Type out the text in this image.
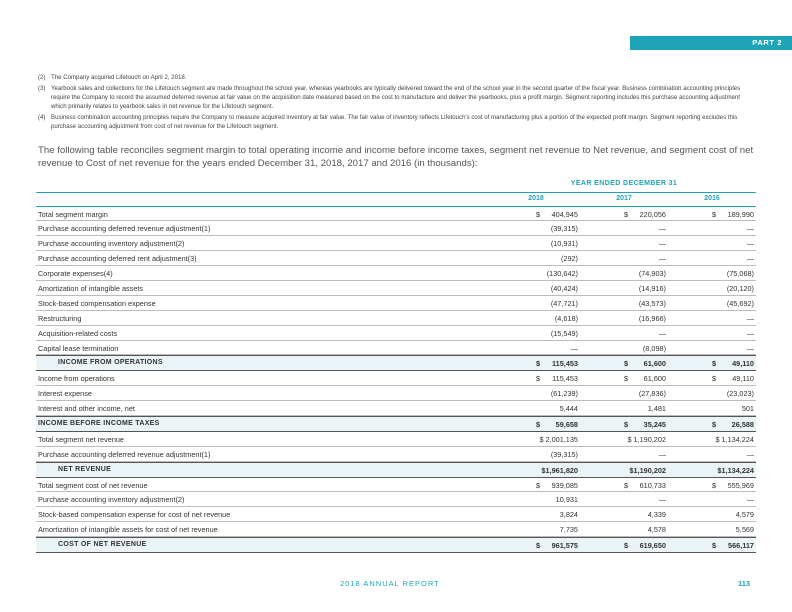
PART 2
(2) The Company acquired Lifetouch on April 2, 2018.
(3) Yearbook sales and collections for the Lifetouch segment are made throughout the school year, whereas yearbooks are typically delivered toward the end of the school year in the second quarter of the fiscal year. Business combination accounting principles require the Company to record the assumed deferred revenue at fair value on the acquisition date measured based on the cost to manufacture and deliver the yearbooks, plus a profit margin. Segment reporting includes this purchase accounting adjustment which primarily relates to yearbook sales in net revenue for the Lifetouch segment.
(4) Business combination accounting principles require the Company to measure acquired inventory at fair value. The fair value of inventory reflects Lifetouch's cost of manufacturing plus a portion of the expected profit margin. Segment reporting excludes this purchase accounting adjustment from cost of net revenue for the Lifetouch segment.
The following table reconciles segment margin to total operating income and income before income taxes, segment net revenue to Net revenue, and segment cost of net revenue to Cost of net revenue for the years ended December 31, 2018, 2017 and 2016 (in thousands):
YEAR ENDED DECEMBER 31
2018	2017	2016
Total segment margin	$	404,945	$	220,056	$	189,990
Purchase accounting deferred revenue adjustment(1)	(39,315)	—	—
Purchase accounting inventory adjustment(2)	(10,931)	—	—
Purchase accounting deferred rent adjustment(3)	(292)	—	—
Corporate expenses(4)	(130,642)	(74,903)	(75,068)
Amortization of intangible assets	(40,424)	(14,916)	(20,120)
Stock-based compensation expense	(47,721)	(43,573)	(45,692)
Restructuring	(4,618)	(16,966)	—
Acquisition-related costs	(15,549)	—	—
Capital lease termination	—	(8,098)	—
INCOME FROM OPERATIONS	$	115,453	$	61,600	$	49,110
Income from operations	$	115,453	$	61,600	$	49,110
Interest expense	(61,239)	(27,836)	(23,023)
Interest and other income, net	5,444	1,481	501
INCOME BEFORE INCOME TAXES	$	59,658	$	35,245	$	26,588
Total segment net revenue	$ 2,001,135	$ 1,190,202	$ 1,134,224
Purchase accounting deferred revenue adjustment(1)	(39,315)	—	—
NET REVENUE	$1,961,820	$1,190,202	$1,134,224
Total segment cost of net revenue	$	939,085	$	610,733	$	555,969
Purchase accounting inventory adjustment(2)	10,931	—	—
Stock-based compensation expense for cost of net revenue	3,824	4,339	4,579
Amortization of intangible assets for cost of net revenue	7,735	4,578	5,569
COST OF NET REVENUE	$	961,575	$	619,650	$	566,117
2018 ANNUAL REPORT	113
